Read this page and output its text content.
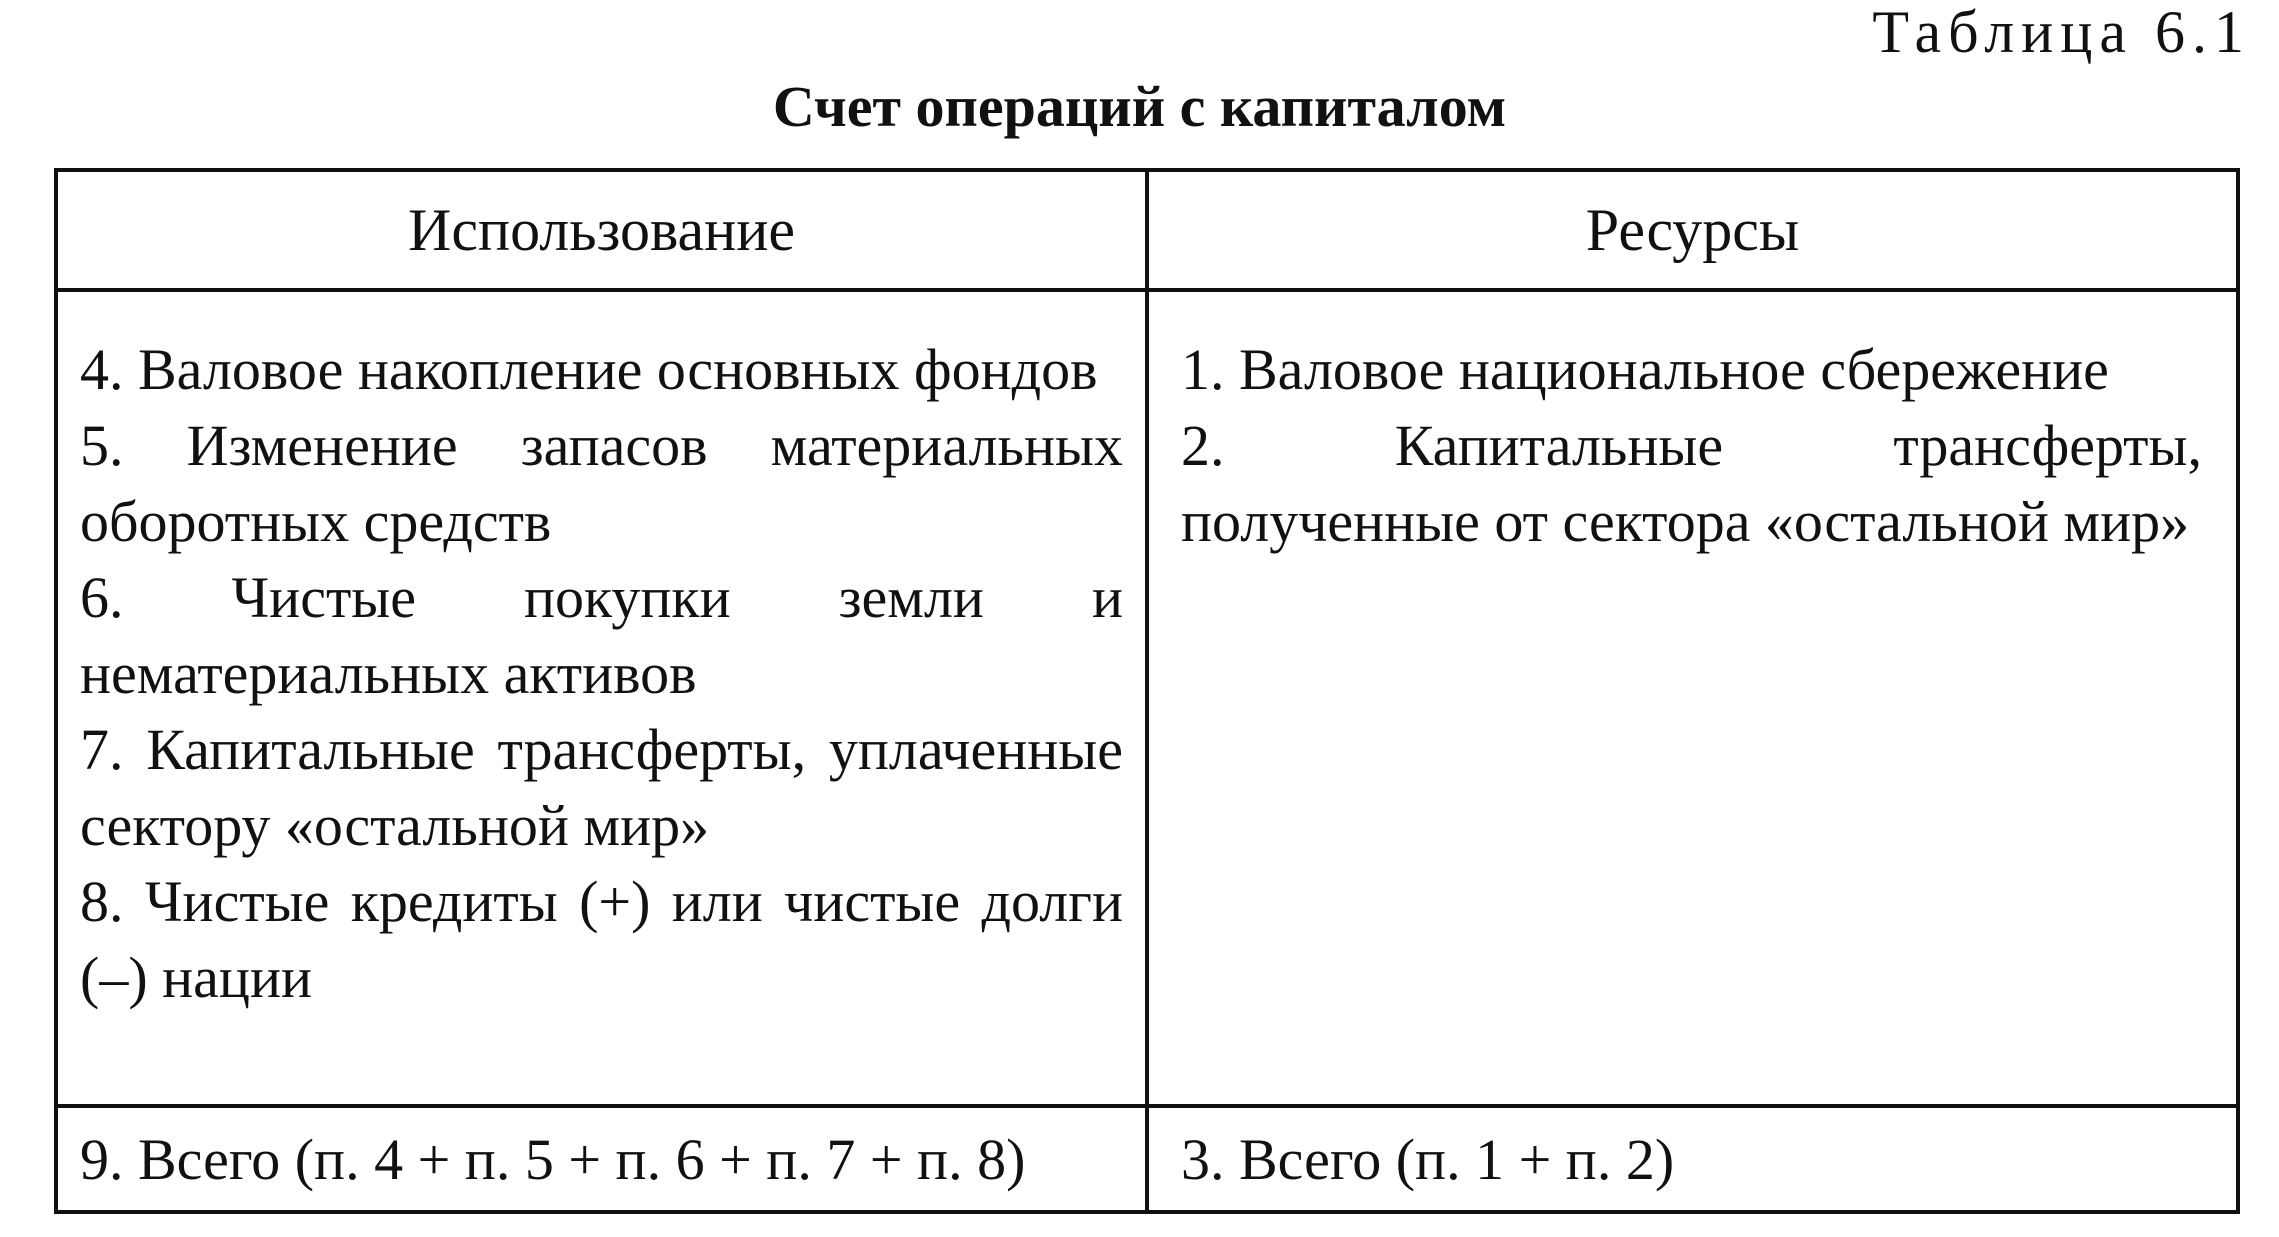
Таблица 6.1
Счет операций с капиталом
Использование	Ресурсы

4. Валовое накопление основных фондов

5. Изменение запасов материальных оборотных средств

6. Чистые покупки земли и нематериальных активов

7. Капитальные трансферты, уплаченные сектору «остальной мир»

8. Чистые кредиты (+) или чистые долги (–) нации

1. Валовое национальное сбережение

2. Капитальные трансферты, полученные от сектора «остальной мир»

9. Всего (п. 4 + п. 5 + п. 6 + п. 7 + п. 8)	3. Всего (п. 1 + п. 2)
